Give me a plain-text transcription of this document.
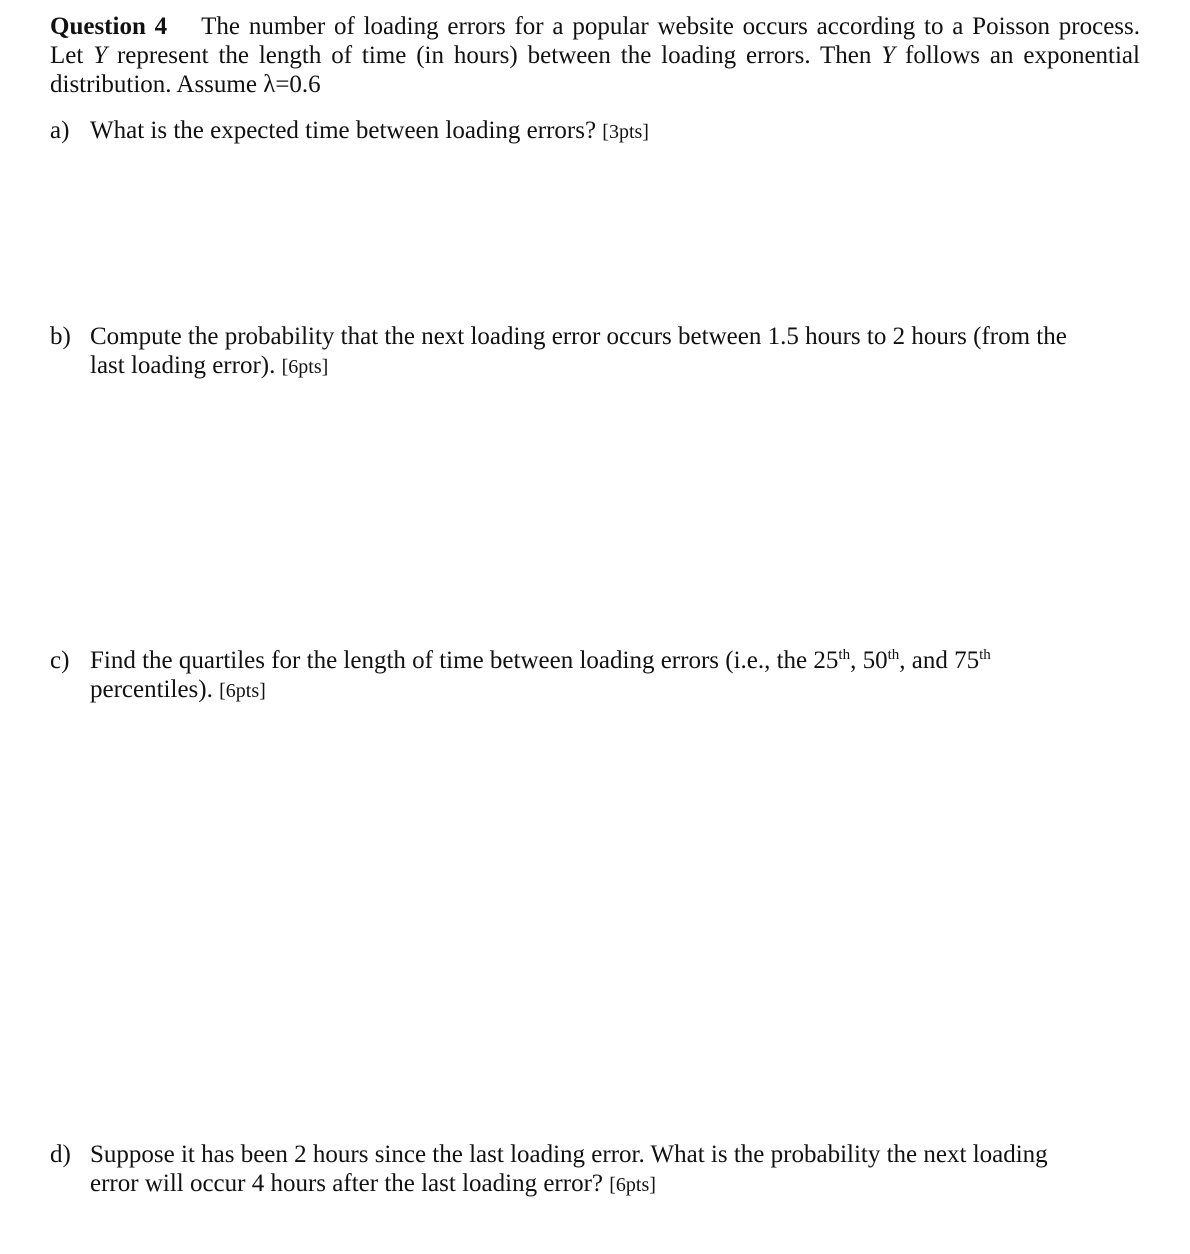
Question 4 The number of loading errors for a popular website occurs according to a Poisson process.
Let Y represent the length of time (in hours) between the loading errors. Then Y follows an exponential
distribution. Assume λ=0.6
a) What is the expected time between loading errors? [3pts]
b) Compute the probability that the next loading error occurs between 1.5 hours to 2 hours (from the
last loading error). [6pts]
c) Find the quartiles for the length of time between loading errors (i.e., the 25th, 50th, and 75th
percentiles). [6pts]
d) Suppose it has been 2 hours since the last loading error. What is the probability the next loading
error will occur 4 hours after the last loading error? [6pts]
